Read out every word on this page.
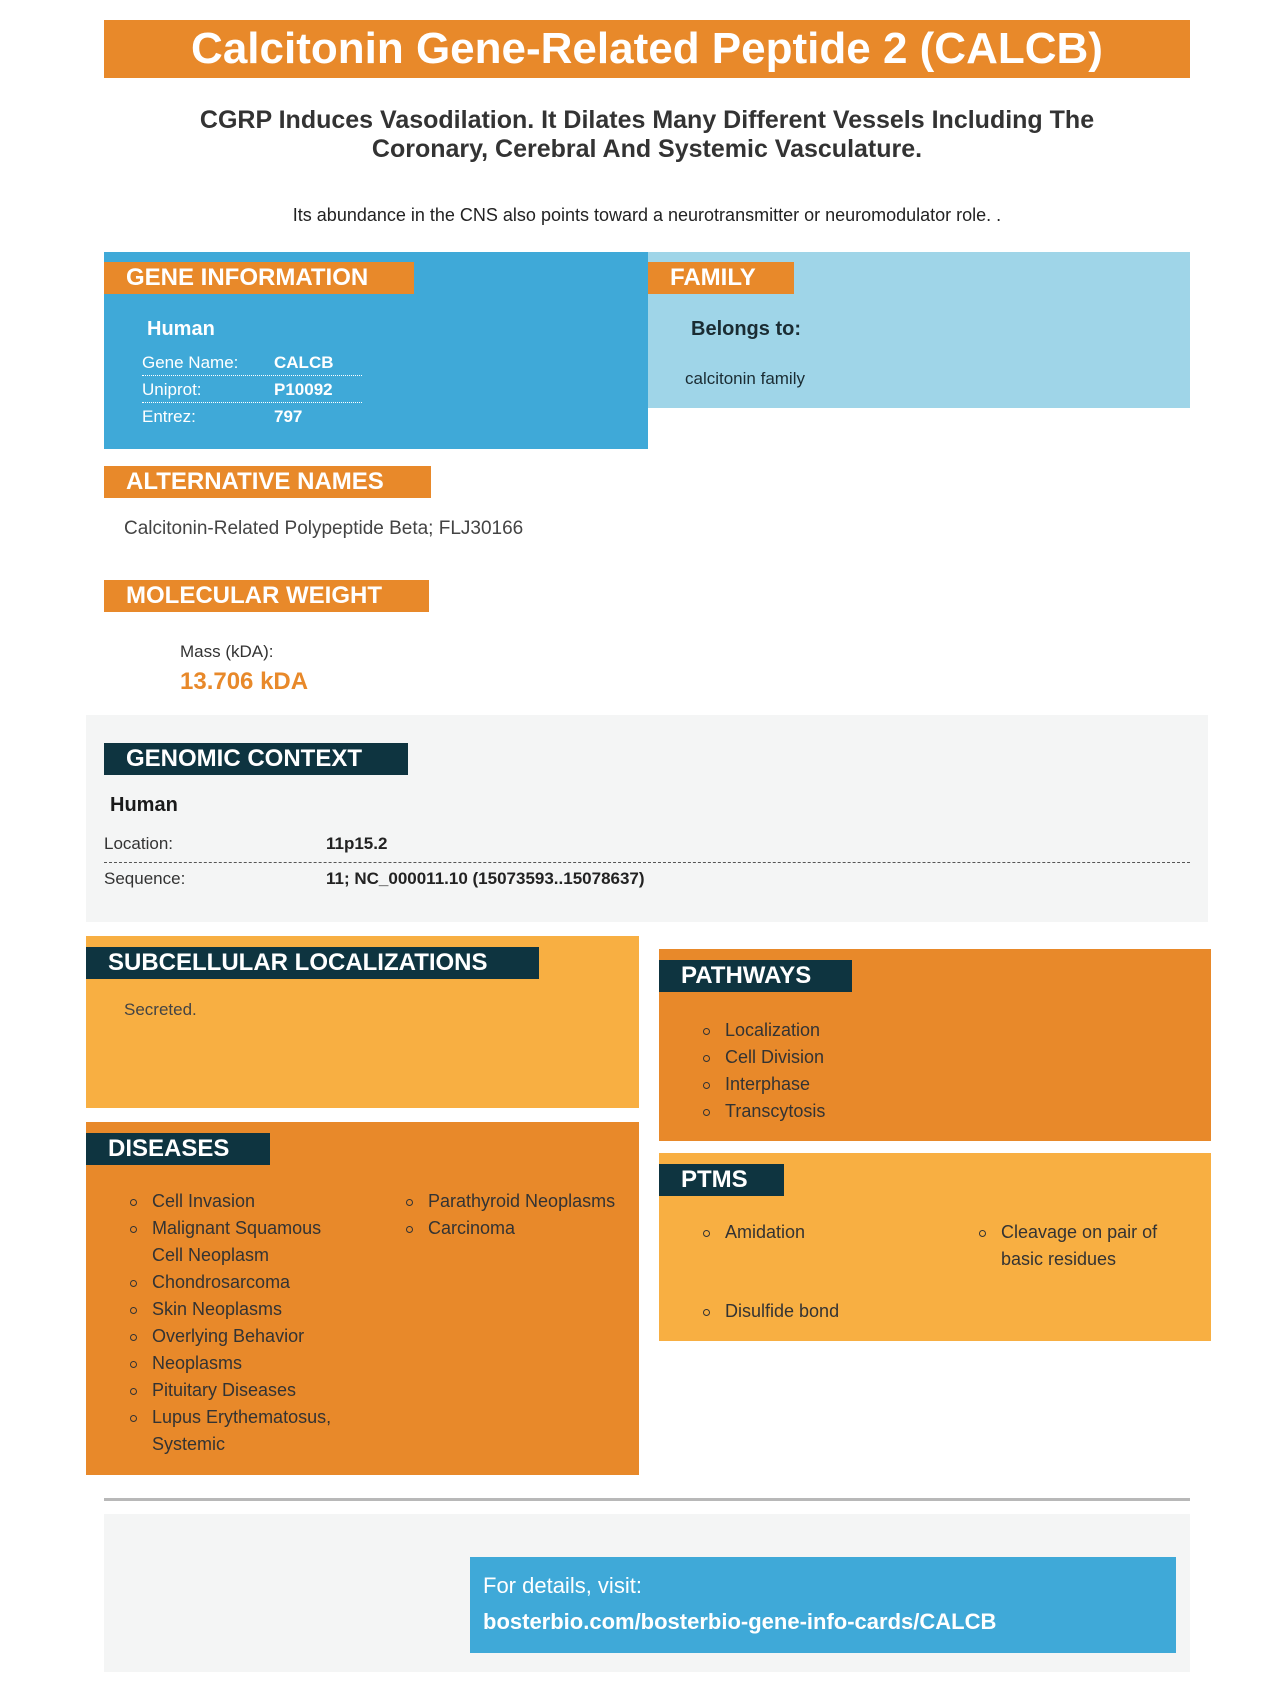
Calcitonin Gene-Related Peptide 2 (CALCB)
CGRP Induces Vasodilation. It Dilates Many Different Vessels Including The Coronary, Cerebral And Systemic Vasculature.
Its abundance in the CNS also points toward a neurotransmitter or neuromodulator role. .
GENE INFORMATION
Human
Gene Name: CALCB
Uniprot:	P10092
Entrez:	797
FAMILY
Belongs to:
calcitonin family
ALTERNATIVE NAMES
Calcitonin-Related Polypeptide Beta; FLJ30166
MOLECULAR WEIGHT
Mass (kDA):
13.706 kDA
GENOMIC CONTEXT
Human
Location:	11p15.2
Sequence:	11; NC_000011.10 (15073593..15078637)
SUBCELLULAR LOCALIZATIONS
Secreted.
PATHWAYS
Localization
Cell Division
Interphase
Transcytosis
DISEASES
Cell Invasion
Malignant Squamous Cell Neoplasm
Chondrosarcoma
Skin Neoplasms
Overlying Behavior
Neoplasms
Pituitary Diseases
Lupus Erythematosus, Systemic
Parathyroid Neoplasms
Carcinoma
PTMS
Amidation	Cleavage on pair of basic residues
Disulfide bond
For details, visit:
bosterbio.com/bosterbio-gene-info-cards/CALCB
